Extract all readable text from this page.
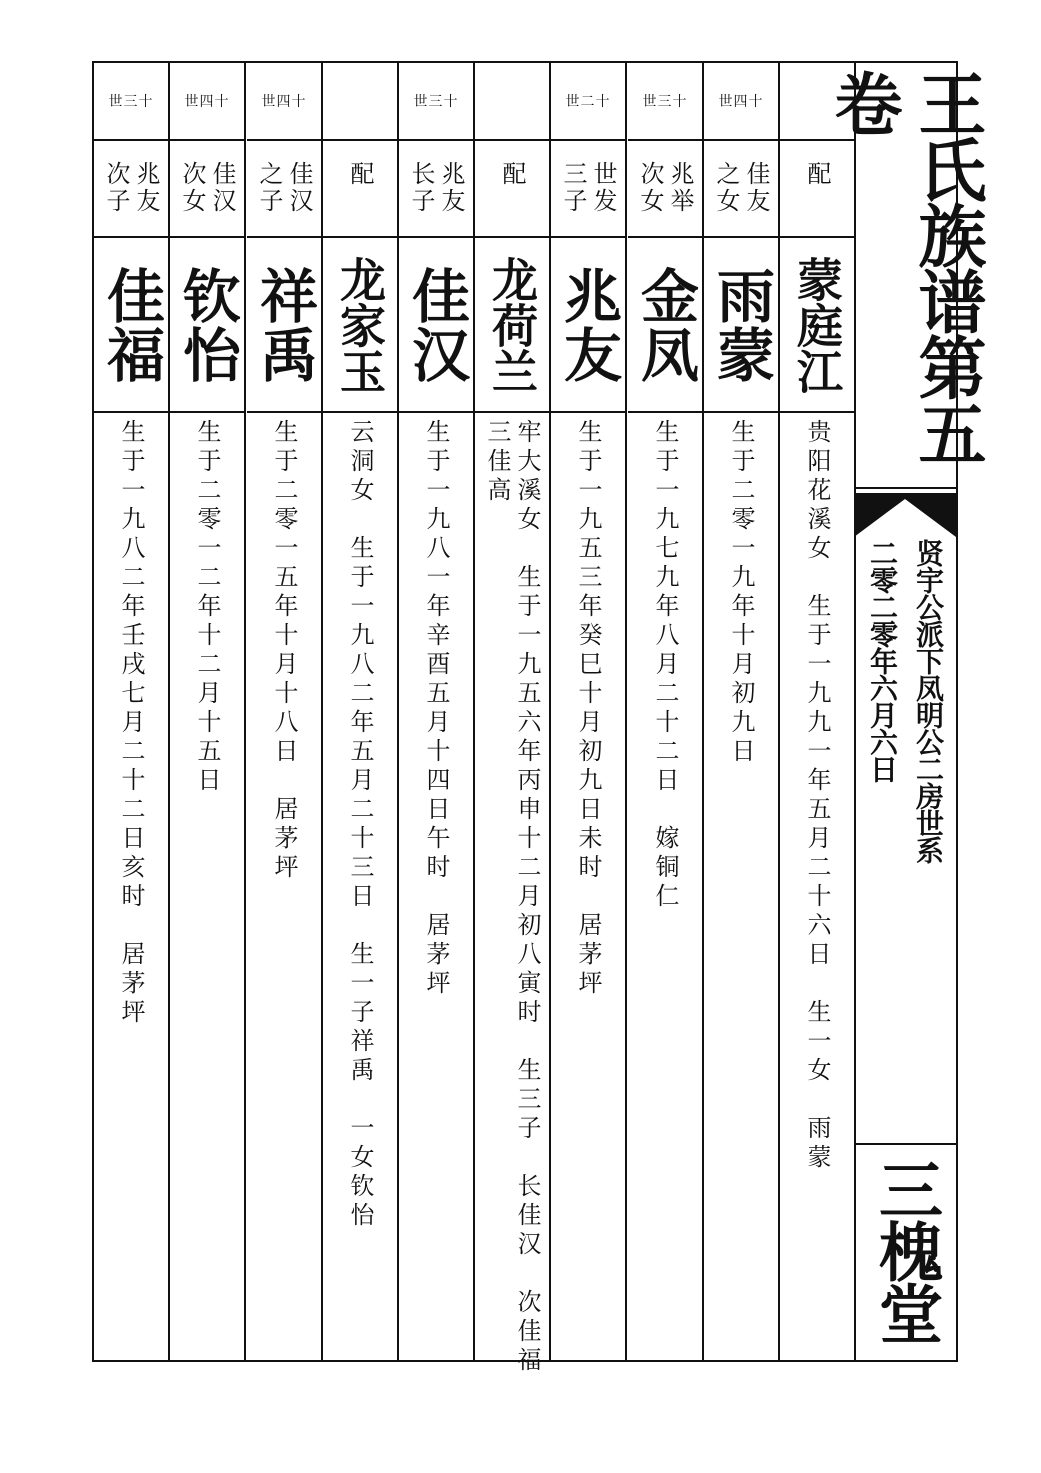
配
蒙庭江
贵阳花溪女　生于一九九一年五月二十六日　生一女　雨蒙
世四十
佳友之女
雨蒙
生于二零一九年十月初九日
世三十
兆举次女
金凤
生于一九七九年八月二十二日　嫁铜仁
世二十
世发三子
兆友
生于一九五三年癸巳十月初九日未时　居茅坪
配
龙荷兰
牢大溪女　生于一九五六年丙申十二月初八寅时　生三子　长佳汉　次佳福
三佳高
世三十
兆友长子
佳汉
生于一九八一年辛酉五月十四日午时　居茅坪
配
龙家玉
云洞女　生于一九八二年五月二十三日　生一子祥禹　一女钦怡
世四十
佳汉之子
祥禹
生于二零一五年十月十八日　居茅坪
世四十
佳汉次女
钦怡
生于二零一二年十二月十五日
世三十
兆友次子
佳福
生于一九八二年壬戌七月二十二日亥时　居茅坪
王氏族谱第五卷
贤宇公派下凤明公二房世系
二零二零年六月六日
三槐堂
